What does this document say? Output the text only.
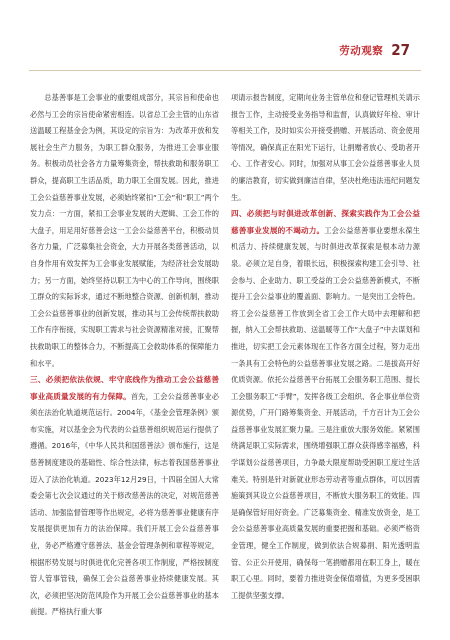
劳动观察 27

总基善事是工会事业的重要组成部分，其宗旨和使命也必然与工会的宗旨使命紧密相连。以省总工会主管的山东省送温暖工程基金会为例，其设定的宗旨为：为改革开放和发展社会生产力服务，为职工群众服务，为推进工会事业服务。积极动员社会各方力量筹集资金，帮扶救助和服务职工群众，提高职工生活品质，助力职工全面发展。因此，推进工会公益慈善事业发展，必须始终紧扣“工会”和“职工”两个发力点：一方面，紧扣工会事业发展的大逻辑、工会工作的大盘子，用足用好慈善会这一工会公益慈善平台，积极动员各方力量，广泛募集社会资金，大力开展各类慈善活动，以自身作用有效发挥为工会事业发展赋能，为经济社会发展助力；另一方面，始终坚持以职工为中心的工作导向，围绕职工群众的实际诉求，通过不断地整合资源、创新机制，推动工会公益慈善事业的创新发展，推动其与工会传统帮扶救助工作有序衔接，实现职工需求与社会资源精准对接，汇聚帮扶救助职工的整体合力，不断提高工会救助体系的保障能力和水平。

三、必须把依法依规、牢守底线作为推动工会公益慈善事业高质量发展的有力保障。首先，工会公益慈善事业必须在法治化轨道规范运行。2004年，《基金会管理条例》颁布实施，对以基金会为代表的公益慈善组织规范运行提供了遵循。2016年，《中华人民共和国慈善法》颁布施行，这是慈善制度建设的基础性、综合性法律，标志着我国慈善事业迈入了法治化轨道。2023年12月29日，十四届全国人大常委会第七次会议通过的关于修改慈善法的决定，对规范慈善活动、加强监督管理等作出规定，必将为慈善事业健康有序发展提供更加有力的法治保障。我们开展工会公益慈善事业，务必严格遵守慈善法、基金会管理条例和章程等规定，根据形势发展与时俱进优化完善各项工作制度，严格按制度管人管事管钱，确保工会公益慈善事业持续健康发展。其次，必须把坚决防范风险作为开展工会公益慈善事业的基本前提。严格执行重大事

项请示报告制度，定期向业务主管单位和登记管理机关请示报告工作，主动接受业务指导和监督，认真做好年检、审计等相关工作，及时如实公开接受捐赠、开展活动、资金使用等情况，确保真正在阳光下运行，让捐赠者放心、受助者开心、工作者安心。同时，加强对从事工会公益慈善事业人员的廉洁教育，切实做到廉洁自律，坚决杜绝违法违纪问题发生。

四、必须把与时俱进改革创新、探索实践作为工会公益慈善事业发展的不竭动力。工会公益慈善事业要想永葆生机活力、持续健康发展，与时俱进改革探索是根本动力源泉。必须立足自身，着眼长远，积极探索构建工会引导、社会参与、企业助力、职工受益的工会公益慈善新模式，不断提升工会公益事业的覆盖面、影响力。一是突出工会特色。将工会公益慈善工作放到全省工会工作大局中去理解和把握，纳入工会帮扶救助、送温暖等工作“大盘子”中去谋划和推进，切实把工会元素体现在工作各方面全过程，努力走出一条具有工会特色的公益慈善事业发展之路。二是拔高开好优质资源。依托公益慈善平台拓展工会服务职工范围、提长工会服务职工“手臂”，发挥各级工会组织、各企事业单位资源优势，广开门路筹集资金、开展活动，千方百计为工会公益慈善事业发展汇聚力量。三是注重放大服务效能。紧紧围绕满足职工实际需求，围绕增强职工群众获得感幸福感，科学谋划公益慈善项目，力争最大限度帮助受困职工度过生活难关。特别是针对新就业形态劳动者等重点群体，可以因需施策到其设立公益慈善项目，不断放大服务职工的效能。四是确保管好用好资金。广泛募集资金、精准发放资金，是工会公益慈善事业高质量发展的重要把握和基础。必须严格资金管理，健全工作制度，做到依法合规募捐、阳光透明监管、公正公开使用，确保每一笔捐赠都用在职工身上，暖在职工心里。同时，要着力推进资金保值增值，为更多受困职工提供坚强支撑。
